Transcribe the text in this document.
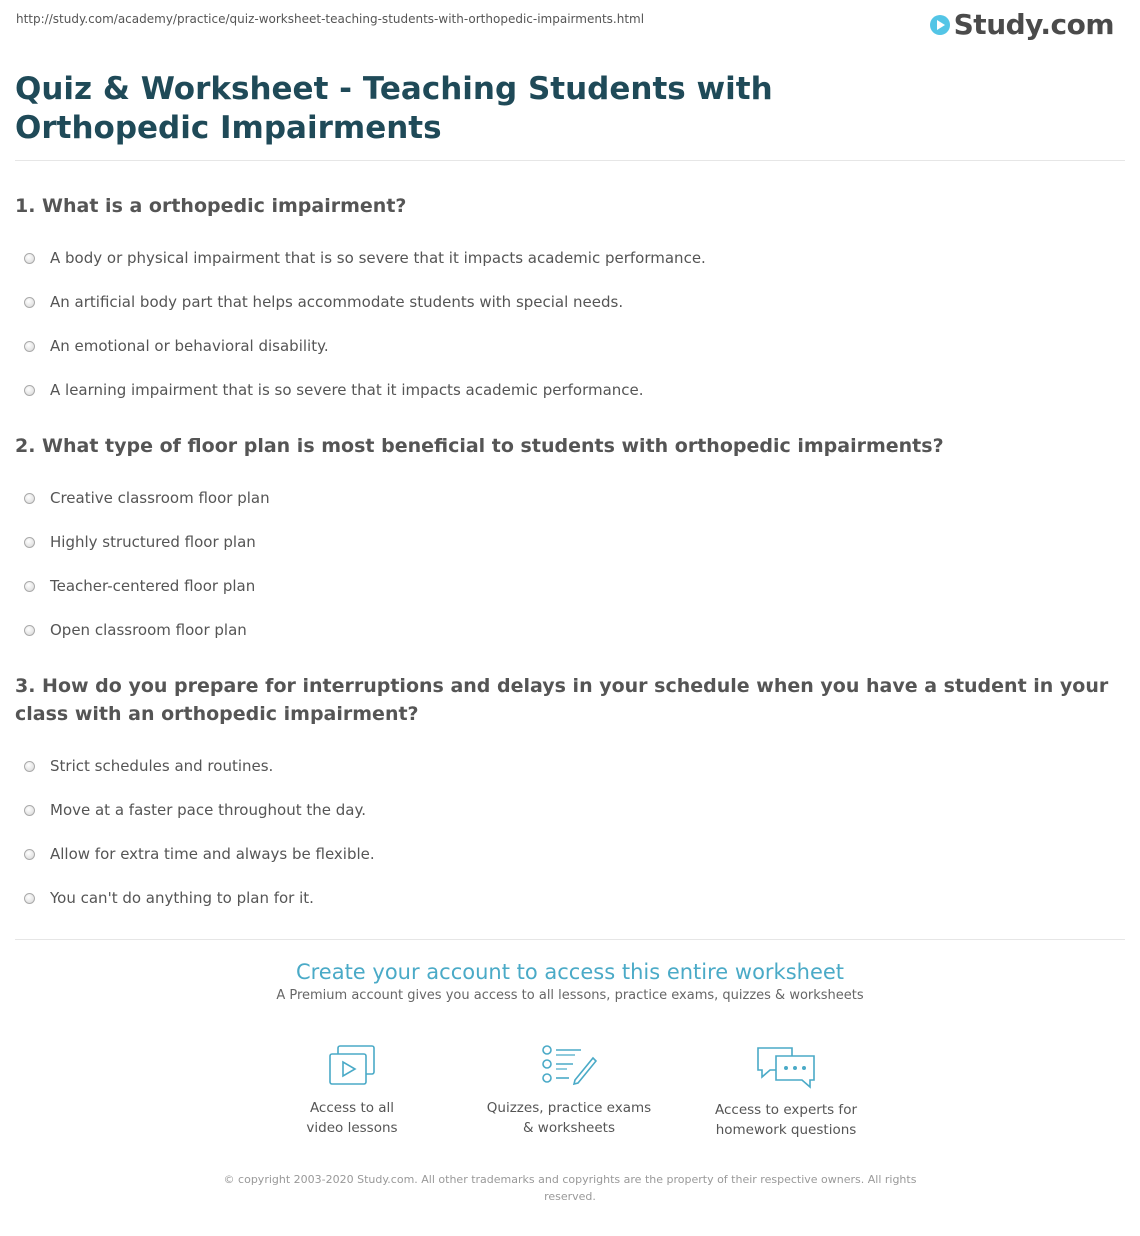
http://study.com/academy/practice/quiz-worksheet-teaching-students-with-orthopedic-impairments.html	Study.com
Quiz & Worksheet - Teaching Students with Orthopedic Impairments

1. What is a orthopedic impairment?

A body or physical impairment that is so severe that it impacts academic performance.
An artificial body part that helps accommodate students with special needs.
An emotional or behavioral disability.
A learning impairment that is so severe that it impacts academic performance.

2. What type of floor plan is most beneficial to students with orthopedic impairments?

Creative classroom floor plan
Highly structured floor plan
Teacher-centered floor plan
Open classroom floor plan

3. How do you prepare for interruptions and delays in your schedule when you have a student in your class with an orthopedic impairment?

Strict schedules and routines.
Move at a faster pace throughout the day.
Allow for extra time and always be flexible.
You can't do anything to plan for it.
Create your account to access this entire worksheet

A Premium account gives you access to all lessons, practice exams, quizzes & worksheets

Access to all
video lessons
Quizzes, practice exams
& worksheets
Access to experts for
homework questions
© copyright 2003-2020 Study.com. All other trademarks and copyrights are the property of their respective owners. All rights
reserved.
